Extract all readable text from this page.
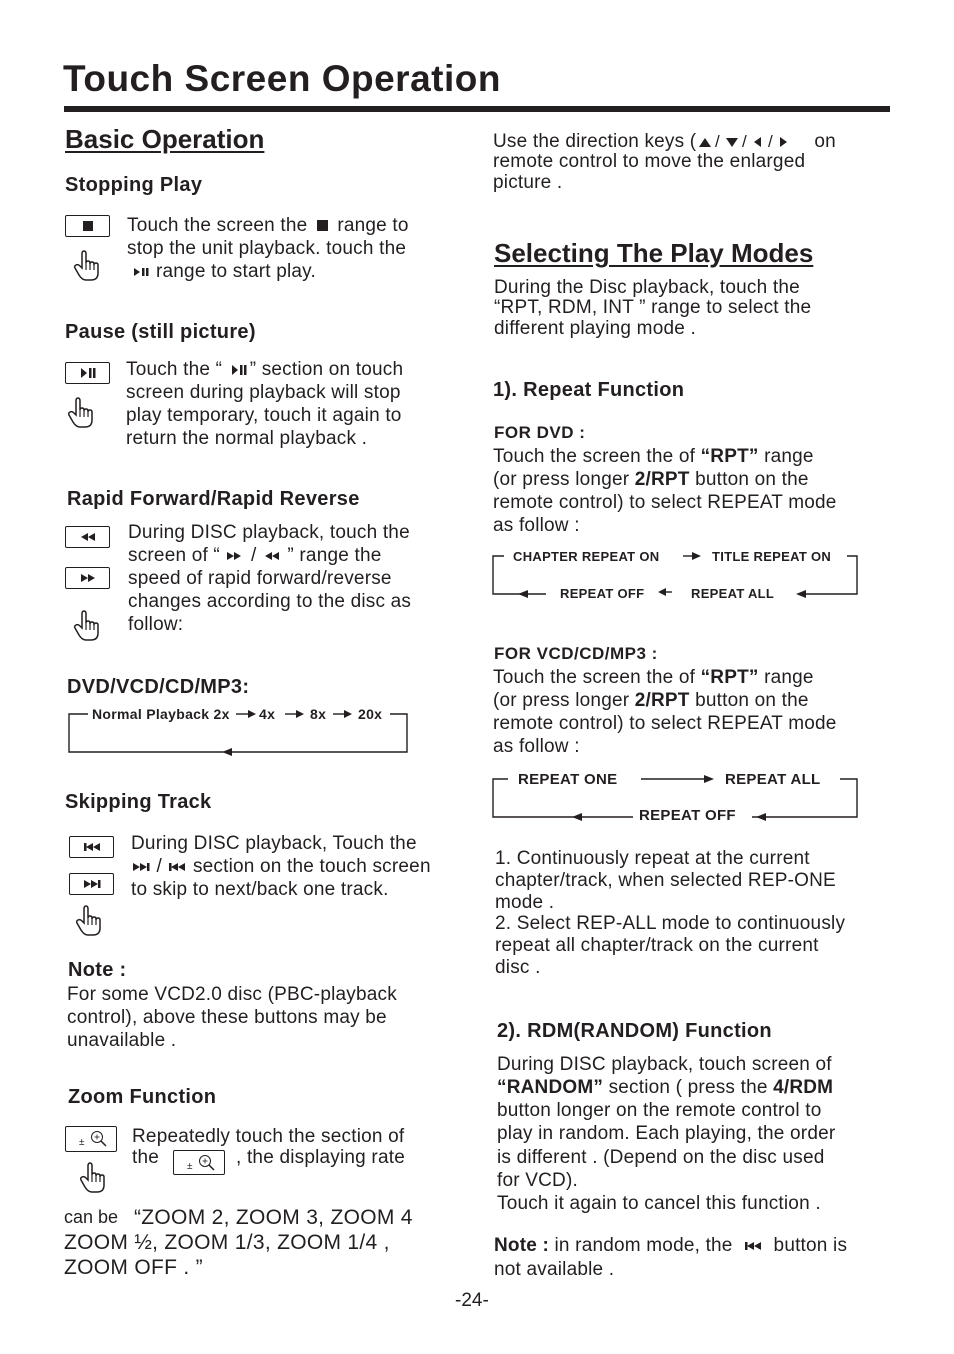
Touch Screen Operation
Basic Operation
Stopping Play
Touch the screen the range to
stop the unit playback. touch the
range to start play.
Pause (still picture)
Touch the “ ” section on touch
screen during playback will stop
play temporary, touch it again to
return the normal playback .
Rapid Forward/Rapid Reverse
During DISC playback, touch the
screen of “ / ” range the
speed of rapid forward/reverse
changes according to the disc as
follow:
DVD/VCD/CD/MP3:
Normal Playback 2x 4x 8x 20x
Skipping Track
During DISC playback, Touch the
/ section on the touch screen
to skip to next/back one track.
Note :
For some VCD2.0 disc (PBC-playback
control), above these buttons may be
unavailable .
Zoom Function
±	Repeatedly touch the section of
the	± , the displaying rate
can be “ZOOM 2, ZOOM 3, ZOOM 4
ZOOM ½, ZOOM 1/3, ZOOM 1/4 ,
ZOOM OFF . ”
Use the direction keys ( / / / on
remote control to move the enlarged
picture .
Selecting The Play Modes
During the Disc playback, touch the
“RPT, RDM, INT ” range to select the
different playing mode .
1). Repeat Function
FOR DVD :
Touch the screen the of “RPT” range
(or press longer 2/RPT button on the
remote control) to select REPEAT mode
as follow :
CHAPTER REPEAT ON	TITLE REPEAT ON
REPEAT ALL
REPEAT OFF
FOR VCD/CD/MP3 :
Touch the screen the of “RPT” range
(or press longer 2/RPT button on the
remote control) to select REPEAT mode
as follow :
REPEAT ONE	REPEAT ALL
REPEAT OFF
1. Continuously repeat at the current
chapter/track, when selected REP-ONE
mode .
2. Select REP-ALL mode to continuously
repeat all chapter/track on the current
disc .
2). RDM(RANDOM) Function
During DISC playback, touch screen of
“RANDOM” section ( press the 4/RDM
button longer on the remote control to
play in random. Each playing, the order
is different . (Depend on the disc used
for VCD).
Touch it again to cancel this function .
Note : in random mode, the button is
not available .
-24-
